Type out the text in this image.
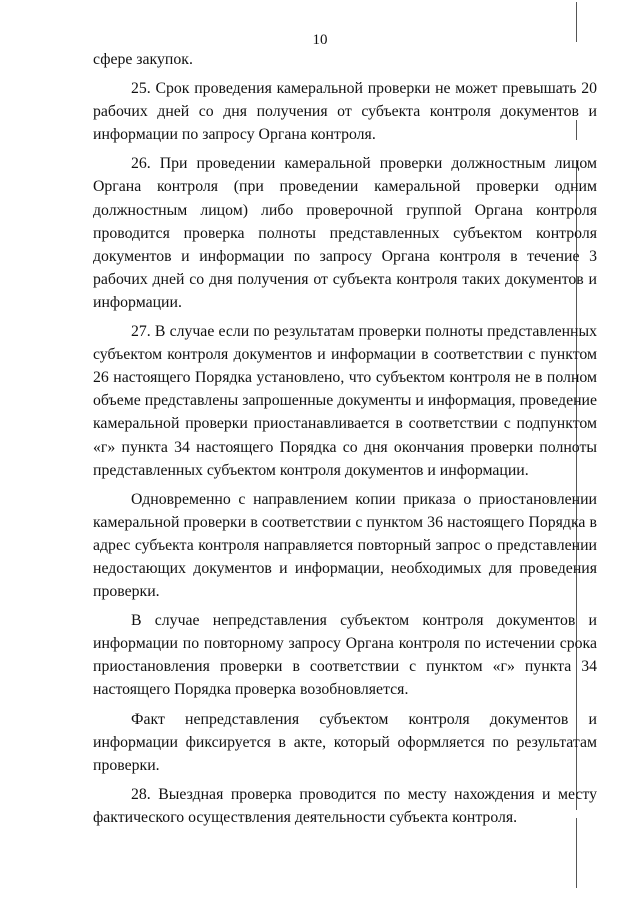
10

сфере закупок.

25. Срок проведения камеральной проверки не может превышать 20 рабочих дней со дня получения от субъекта контроля документов и информации по запросу Органа контроля.

26. При проведении камеральной проверки должностным лицом Органа контроля (при проведении камеральной проверки одним должностным лицом) либо проверочной группой Органа контроля проводится проверка полноты представленных субъектом контроля документов и информации по запросу Органа контроля в течение 3 рабочих дней со дня получения от субъекта контроля таких документов и информации.

27. В случае если по результатам проверки полноты представленных субъектом контроля документов и информации в соответствии с пунктом 26 настоящего Порядка установлено, что субъектом контроля не в полном объеме представлены запрошенные документы и информация, проведение камеральной проверки приостанавливается в соответствии с подпунктом «г» пункта 34 настоящего Порядка со дня окончания проверки полноты представленных субъектом контроля документов и информации.

Одновременно с направлением копии приказа о приостановлении камеральной проверки в соответствии с пунктом 36 настоящего Порядка в адрес субъекта контроля направляется повторный запрос о представлении недостающих документов и информации, необходимых для проведения проверки.

В случае непредставления субъектом контроля документов и информации по повторному запросу Органа контроля по истечении срока приостановления проверки в соответствии с пунктом «г» пункта 34 настоящего Порядка проверка возобновляется.

Факт непредставления субъектом контроля документов и информации фиксируется в акте, который оформляется по результатам проверки.

28. Выездная проверка проводится по месту нахождения и месту фактического осуществления деятельности субъекта контроля.
